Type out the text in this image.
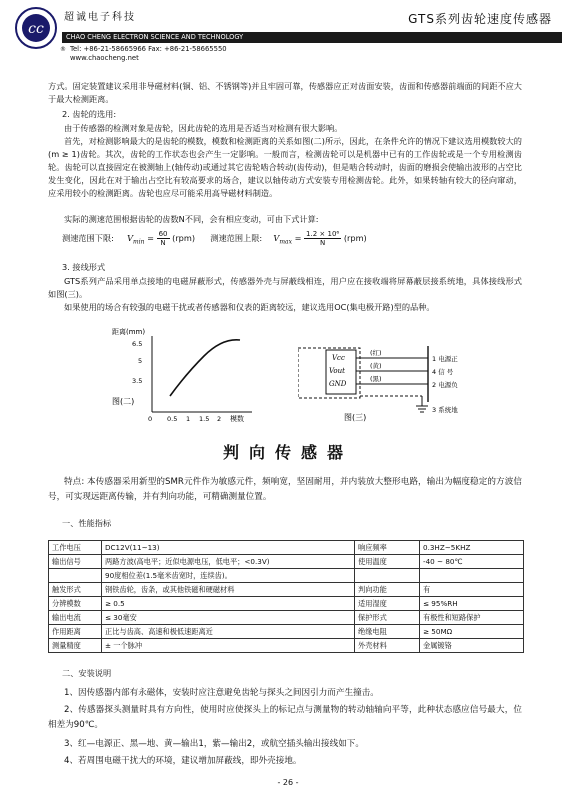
cc
超诚电子科技	GTS系列齿轮速度传感器
CHAO CHENG ELECTRON SCIENCE AND TECHNOLOGY
® Tel: +86-21-58665966 Fax: +86-21-58665550
www.chaocheng.net
方式。固定装置建议采用非导磁材料(铜、铝、不锈钢等)并且牢固可靠，传感器应正对齿面安装，齿面和传感器前端面的间距不应大于最大检测距离。
2. 齿轮的选用:
由于传感器的检测对象是齿轮，因此齿轮的选用是否适当对检测有很大影响。
首先，对检测影响最大的是齿轮的模数，模数和检测距离的关系如图(二)所示，因此，在条件允许的情况下建议选用模数较大的(m ≥ 1)齿轮。其次，齿轮的工作状态也会产生一定影响。一般而言，检测齿轮可以是机器中已有的工作齿轮或是一个专用检测齿轮。齿轮可以直接固定在被测轴上(轴传动)或通过其它齿轮啮合转动(齿传动)，但是啮合转动时，齿面的磨损会使输出波形的占空比发生变化，因此在对于输出占空比有较高要求的场合，建议以轴传动方式安装专用检测齿轮。此外，如果转轴有较大的径向窜动，应采用较小的检测距离。齿轮也应尽可能采用高导磁材料制造。
实际的测速范围根据齿轮的齿数N不同，会有相应变动，可由下式计算:
测速范围下限: $V_{min} = \frac{60}{N} (rpm)$ 测速范围上限: $V_{max} = \frac{\text{1.2 × 10⁶}}{N} (rpm)$
3. 接线形式
GTS系列产品采用单点接地的电磁屏蔽形式，传感器外壳与屏蔽线相连，用户应在接收端将屏幕蔽层接系统地，具体接线形式如图(三)。
如果使用的场合有较强的电磁干扰或者传感器和仪表的距离较远，建议选用OC(集电极开路)型的品种。
距离(mm)
6.5
5
3.5
0 0.5 1 1.5 2 模数
图(二)
Vcc
Vout
GND
(红)
(黄)
(黑)
1 电源正
4 信 号
2 电源负
3 系统地
图(三)
判向传感器
特点: 本传感器采用新型的SMR元件作为敏感元件，频响宽，坚固耐用，并内装放大整形电路，输出为幅度稳定的方波信号，可实现远距离传输，并有判向功能，可精确测量位置。
一、性能指标
工作电压	DC12V(11~13)	响应频率	0.3HZ~5KHZ
输出信号	两路方波(高电平；近似电源电压，低电平；<0.3V)	使用温度	-40 ~ 80℃
	90度相位差(1.5毫米齿宽时，连续齿)。		
触发形式	钢铁齿轮，齿条，或其他铁磁和硬磁材料	判向功能	有
分辨模数	≥ 0.5	适用湿度	≤ 95%RH
输出电流	≤ 30毫安	保护形式	有极性和短路保护
作用距离	正比与齿高、高速和极低速距离近	绝缘电阻	≥ 50MΩ
测量精度	± 一个脉冲	外壳材料	金属镀铬
二、安装说明
1、因传感器内部有永磁体，安装时应注意避免齿轮与探头之间因引力而产生撞击。
2、传感器探头测量时具有方向性，使用时应使探头上的标记点与测量物的转动轴轴向平等，此种状态感应信号最大，位相差为90℃。
3、红—电源正、黑—地、黄—输出1，紫—输出2，或航空插头输出接线如下。
4、若周围电磁干扰大的环境，建议增加屏蔽线，即外壳接地。
- 26 -
